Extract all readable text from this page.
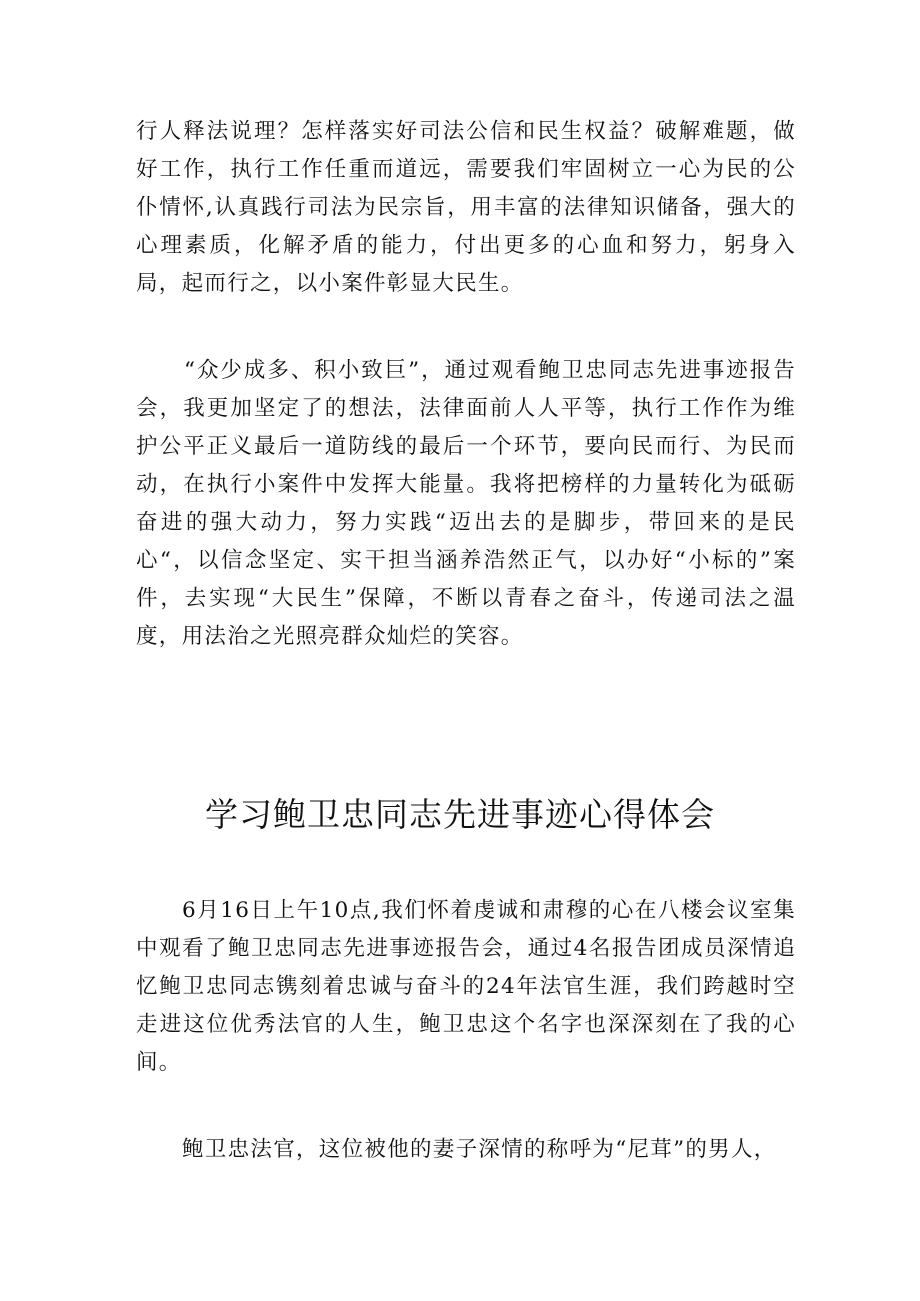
行人释法说理？怎样落实好司法公信和民生权益？破解难题，做好工作，执行工作任重而道远，需要我们牢固树立一心为民的公仆情怀,认真践行司法为民宗旨，用丰富的法律知识储备，强大的心理素质，化解矛盾的能力，付出更多的心血和努力，躬身入局，起而行之，以小案件彰显大民生。

“众少成多、积小致巨”，通过观看鲍卫忠同志先进事迹报告会，我更加坚定了的想法，法律面前人人平等，执行工作作为维护公平正义最后一道防线的最后一个环节，要向民而行、为民而动，在执行小案件中发挥大能量。我将把榜样的力量转化为砥砺奋进的强大动力，努力实践“迈出去的是脚步，带回来的是民心“，以信念坚定、实干担当涵养浩然正气，以办好“小标的”案件，去实现“大民生”保障，不断以青春之奋斗，传递司法之温度，用法治之光照亮群众灿烂的笑容。

学习鲍卫忠同志先进事迹心得体会

6月16日上午10点,我们怀着虔诚和肃穆的心在八楼会议室集中观看了鲍卫忠同志先进事迹报告会，通过4名报告团成员深情追忆鲍卫忠同志镌刻着忠诚与奋斗的24年法官生涯，我们跨越时空走进这位优秀法官的人生，鲍卫忠这个名字也深深刻在了我的心间。

鲍卫忠法官，这位被他的妻子深情的称呼为“尼茸”的男人，
